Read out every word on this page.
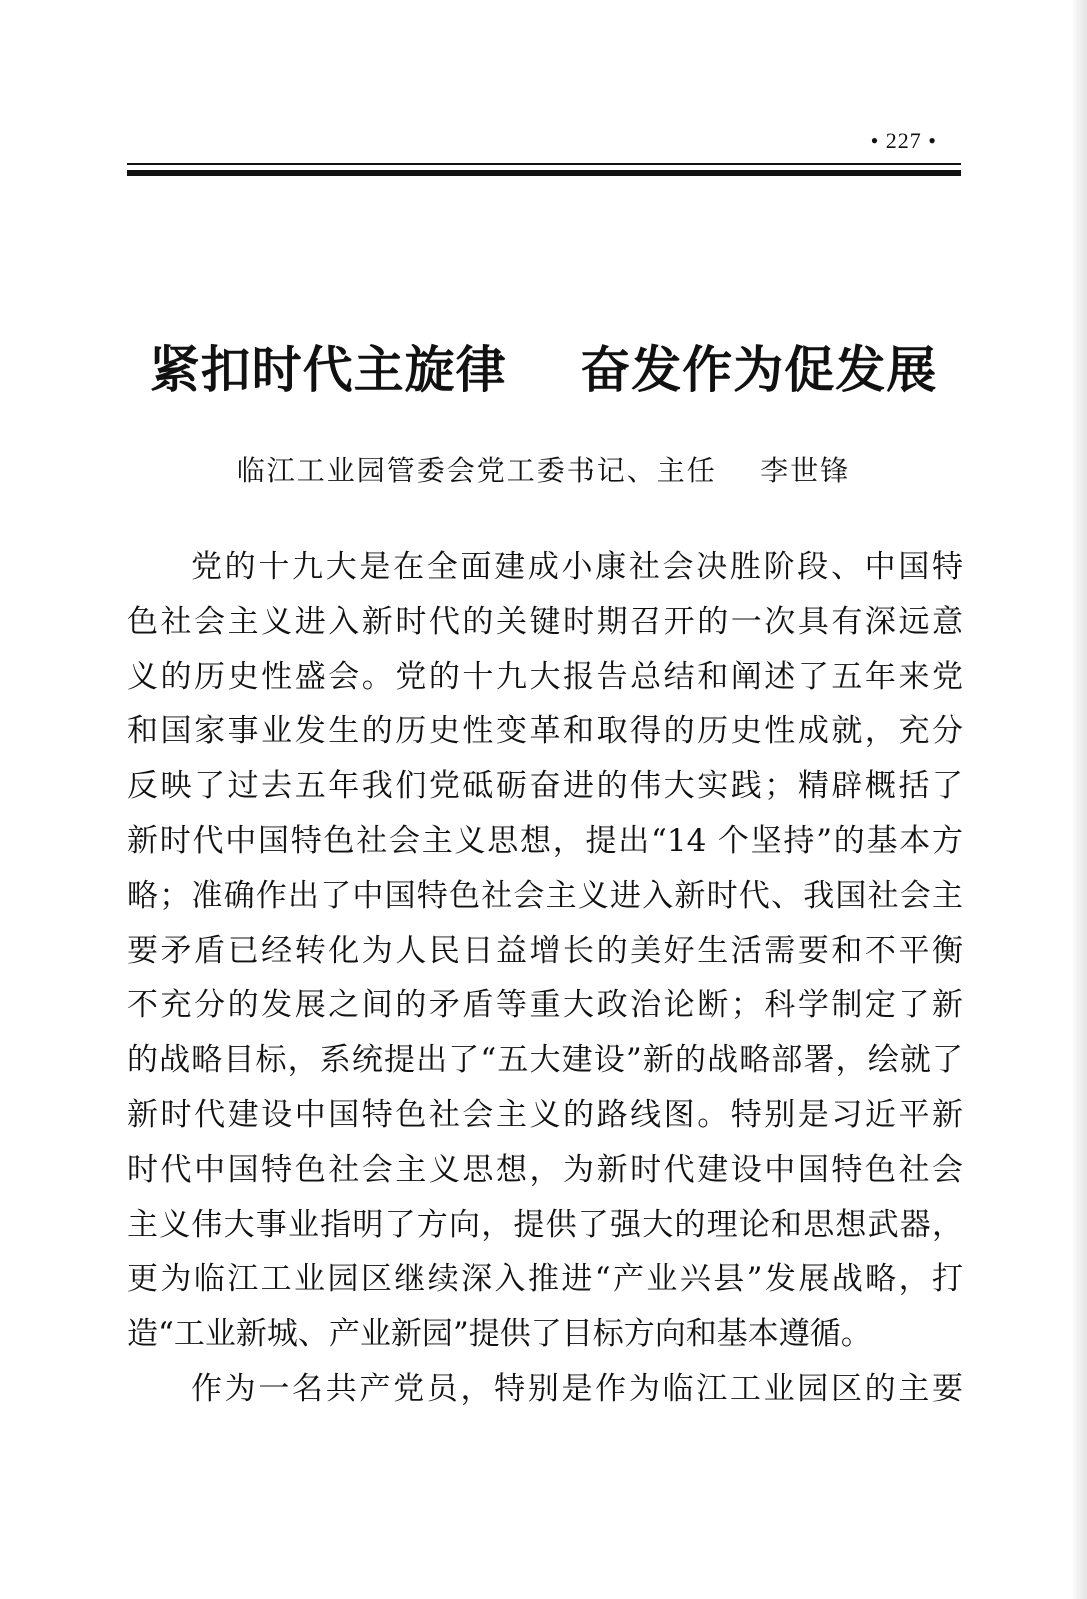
• 227 •
紧扣时代主旋律    奋发作为促发展
临江工业园管委会党工委书记、主任    李世锋
党的十九大是在全面建成小康社会决胜阶段、中国特
色社会主义进入新时代的关键时期召开的一次具有深远意
义的历史性盛会。党的十九大报告总结和阐述了五年来党
和国家事业发生的历史性变革和取得的历史性成就，充分
反映了过去五年我们党砥砺奋进的伟大实践；精辟概括了
新时代中国特色社会主义思想，提出“14 个坚持”的基本方
略；准确作出了中国特色社会主义进入新时代、我国社会主
要矛盾已经转化为人民日益增长的美好生活需要和不平衡
不充分的发展之间的矛盾等重大政治论断；科学制定了新
的战略目标，系统提出了“五大建设”新的战略部署，绘就了
新时代建设中国特色社会主义的路线图。特别是习近平新
时代中国特色社会主义思想，为新时代建设中国特色社会
主义伟大事业指明了方向，提供了强大的理论和思想武器，
更为临江工业园区继续深入推进“产业兴县”发展战略，打
造“工业新城、产业新园”提供了目标方向和基本遵循。
作为一名共产党员，特别是作为临江工业园区的主要
